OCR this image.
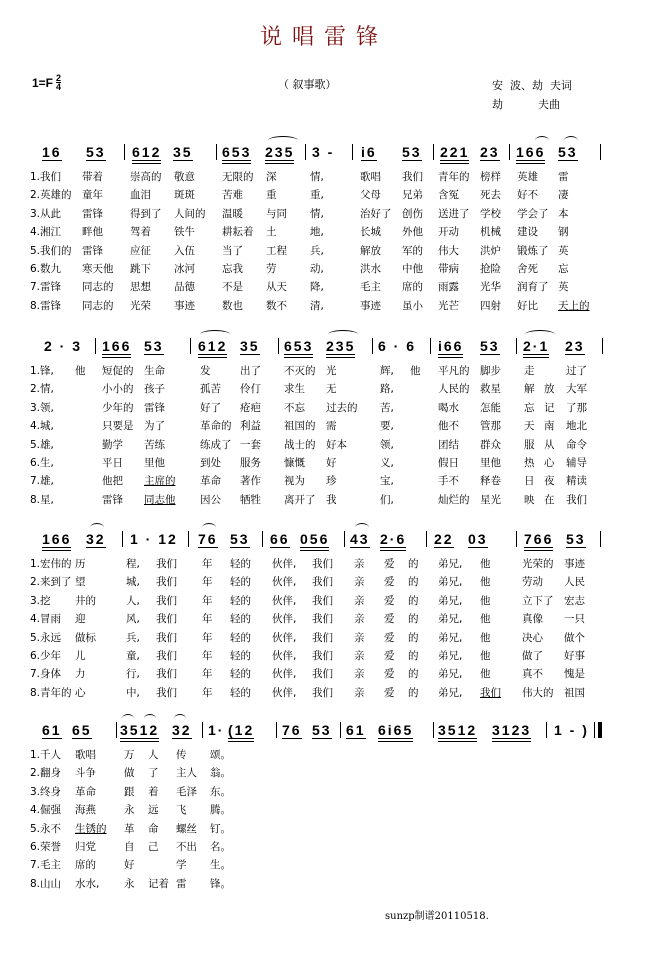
说唱雷锋
$1=F \frac{2}{4}$	（ 叙事歌）	安  波、劫  夫词
劫          夫曲
16 53 612 35 653 235 3 - i6 53 221 23 166 53
1.我们 带着	崇高的 敬意	无限的 深	情,	歌唱 我们 青年的 榜样 英雄 雷
2.英雄的 童年	血泪 斑斑	苦难 重	重,	父母 兄弟 含冤 死去 好不 凄
3.从此 雷锋	得到了 人间的 温暖 与同 情,	治好了 创伤 送进了 学校 学会了 本
4.湘江 畔他	驾着 铁牛	耕耘着 土	地,	长城 外他 开动 机械 建设 钢
5.我们的 雷锋	应征 入伍	当了 工程 兵,	解放 军的 伟大 洪炉 锻炼了 英
6.数九 寒天他 跳下 冰河	忘我 劳	动,	洪水 中他 带病 抢险 舍死 忘
7.雷锋 同志的 思想 品德	不是 从天 降,	毛主 席的 雨露 光华 润育了 英
8.雷锋 同志的 光荣 事迹	数也 数不 清,	事迹 虽小 光芒 四射 好比 天上的
2 · 3 166 53 612 35 653 235 6 · 6 i66 53 2·1 23
1.锋, 他 短促的 生命	发	出了 不灭的 光	辉, 他 平凡的 脚步 走	过了
2.情,	小小的 孩子	孤苦 伶仃 求生 无	路,	人民的 救星 解 放 大军
3.领,	少年的 雷锋	好了 疮疤 不忘 过去的 苦,	喝水 怎能 忘 记 了那
4.城,	只要是 为了	革命的 利益 祖国的 需	要,	他不 管那 天 南 地北
5.雄,	勤学 苦练	练成了 一套 战士的 好本	领,	团结 群众 服 从 命令
6.生,	平日 里他	到处 服务 慷慨 好	义,	假日 里他 热 心 辅导
7.雄,	他把 主席的 革命 著作 视为 珍	宝,	手不 释卷 日 夜 精读
8.星,	雷锋 同志他 因公 牺牲 离开了 我	们,	灿烂的 星光 映 在 我们
166 32 1 · 12 76 53 66 056 43 2·6 22 03	766 53
1.宏伟的 历	程, 我们 年 轻的 伙伴, 我们 亲 爱 的 弟兄, 他	光荣的 事迹
2.来到了 望	城, 我们 年 轻的 伙伴, 我们 亲 爱 的 弟兄, 他	劳动 人民
3.挖 井的	人, 我们 年 轻的 伙伴, 我们 亲 爱 的 弟兄, 他	立下了 宏志
4.冒雨 迎	风, 我们 年 轻的 伙伴, 我们 亲 爱 的 弟兄, 他	真像 一只
5.永远 做标	兵, 我们 年 轻的 伙伴, 我们 亲 爱 的 弟兄, 他	决心 做个
6.少年 儿	童, 我们 年 轻的 伙伴, 我们 亲 爱 的 弟兄, 他	做了 好事
7.身体 力	行, 我们 年 轻的 伙伴, 我们 亲 爱 的 弟兄, 他	真不 愧是
8.青年的 心	中, 我们 年 轻的 伙伴, 我们 亲 爱 的 弟兄, 我们 伟大的 祖国
61 65 3512 32 1· (12 76 53 61 6i65 3512 3123 1 - )
1.千人 歌唱	万 人 传 颂。
2.翻身 斗争	做 了 主人 翁。
3.终身 革命	跟 着 毛泽 东。
4.倔强 海燕	永 远 飞 腾。
5.永不 生锈的 革 命 螺丝 钉。
6.荣誉 归党	自 己 不出 名。
7.毛主 席的	好	学 生。
8.山山 水水, 永 记着 雷 锋。
sunzp制谱20110518.
